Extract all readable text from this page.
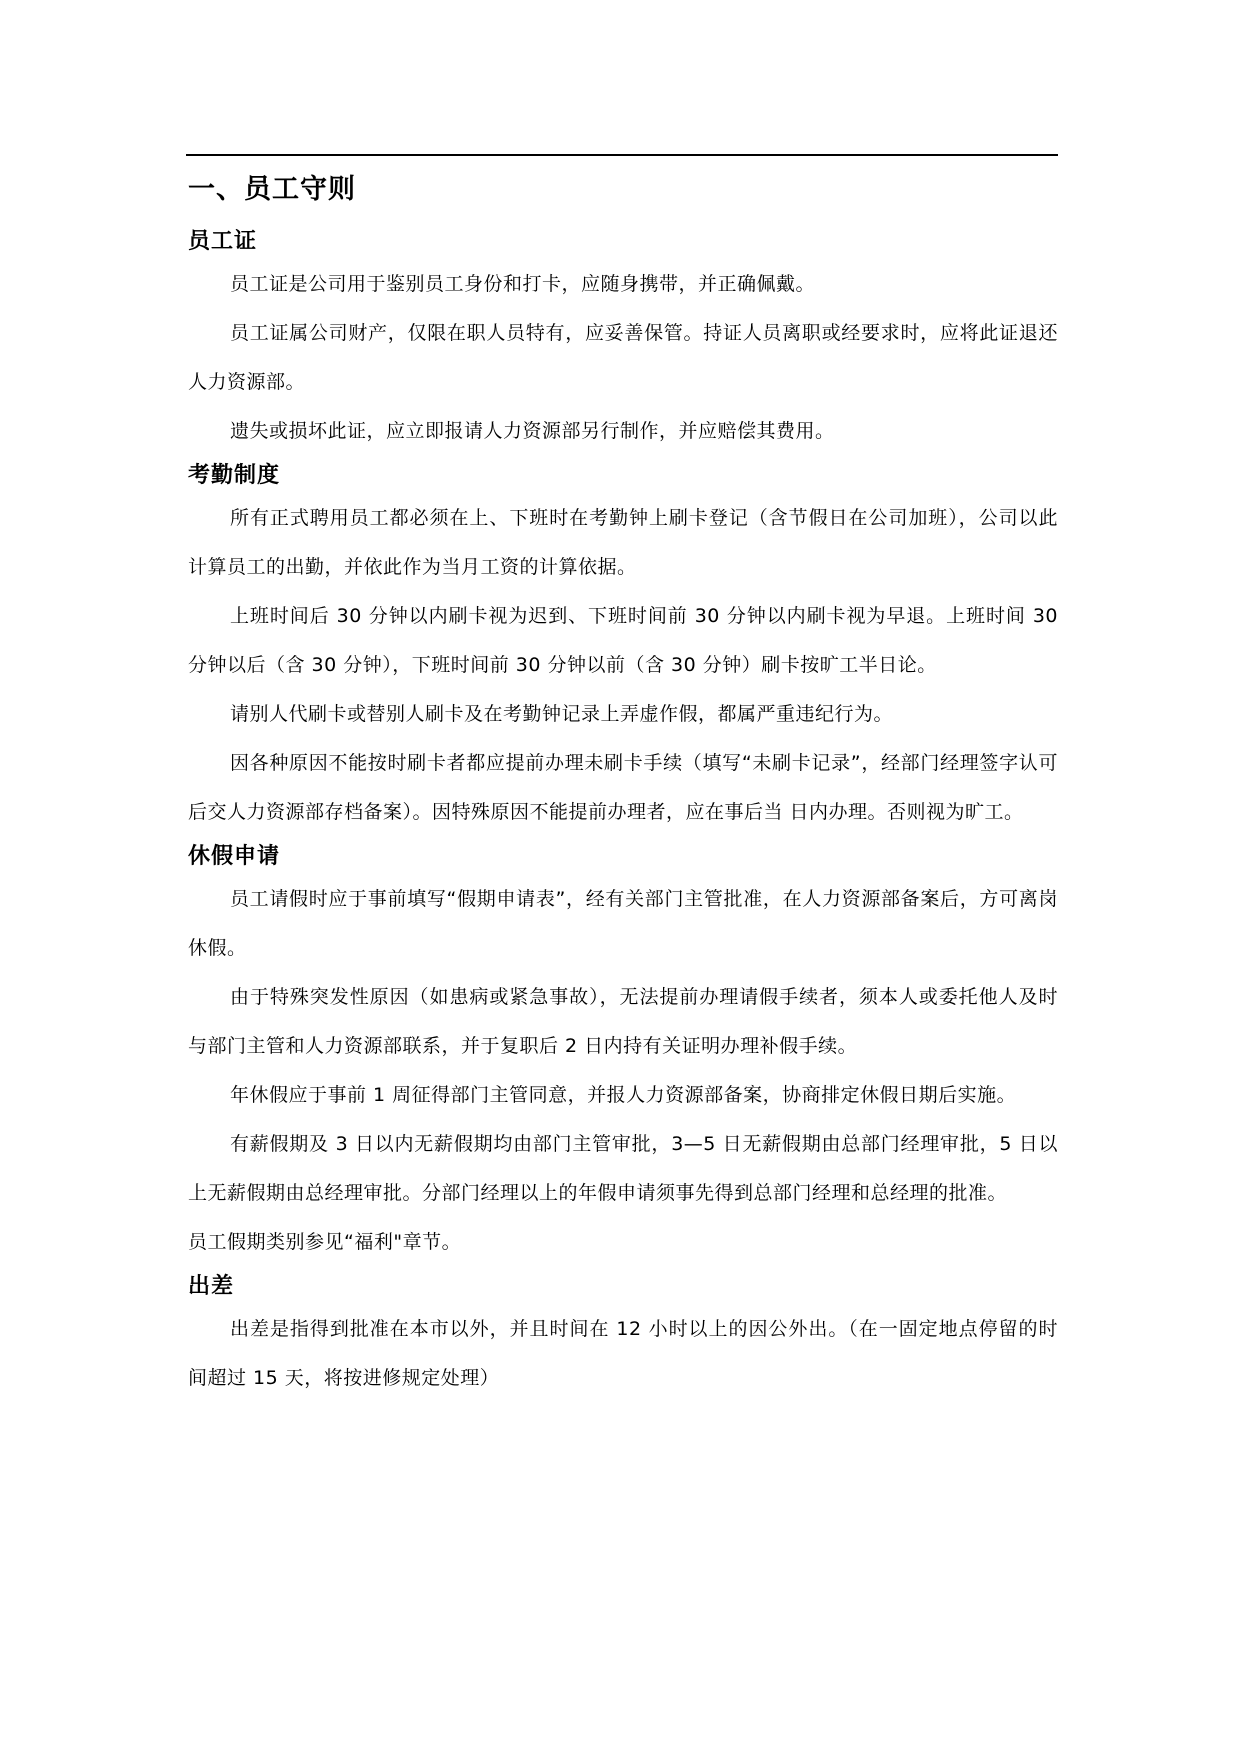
一、员工守则
员工证

员工证是公司用于鉴别员工身份和打卡，应随身携带，并正确佩戴。

员工证属公司财产，仅限在职人员特有，应妥善保管。持证人员离职或经要求时，应将此证退还人力资源部。

遗失或损坏此证，应立即报请人力资源部另行制作，并应赔偿其费用。

考勤制度

所有正式聘用员工都必须在上、下班时在考勤钟上刷卡登记（含节假日在公司加班），公司以此计算员工的出勤，并依此作为当月工资的计算依据。

上班时间后 30 分钟以内刷卡视为迟到、下班时间前 30 分钟以内刷卡视为早退。上班时间 30 分钟以后（含 30 分钟），下班时间前 30 分钟以前（含 30 分钟）刷卡按旷工半日论。

请别人代刷卡或替别人刷卡及在考勤钟记录上弄虚作假，都属严重违纪行为。

因各种原因不能按时刷卡者都应提前办理未刷卡手续（填写“未刷卡记录”，经部门经理签字认可后交人力资源部存档备案）。因特殊原因不能提前办理者，应在事后当 日内办理。否则视为旷工。

休假申请

员工请假时应于事前填写“假期申请表”，经有关部门主管批准，在人力资源部备案后，方可离岗休假。

由于特殊突发性原因（如患病或紧急事故），无法提前办理请假手续者，须本人或委托他人及时与部门主管和人力资源部联系，并于复职后 2 日内持有关证明办理补假手续。

年休假应于事前 1 周征得部门主管同意，并报人力资源部备案，协商排定休假日期后实施。

有薪假期及 3 日以内无薪假期均由部门主管审批，3—5 日无薪假期由总部门经理审批，5 日以上无薪假期由总经理审批。分部门经理以上的年假申请须事先得到总部门经理和总经理的批准。

员工假期类别参见“福利"章节。

出差

出差是指得到批准在本市以外，并且时间在 12 小时以上的因公外出。（在一固定地点停留的时间超过 15 天，将按进修规定处理）
